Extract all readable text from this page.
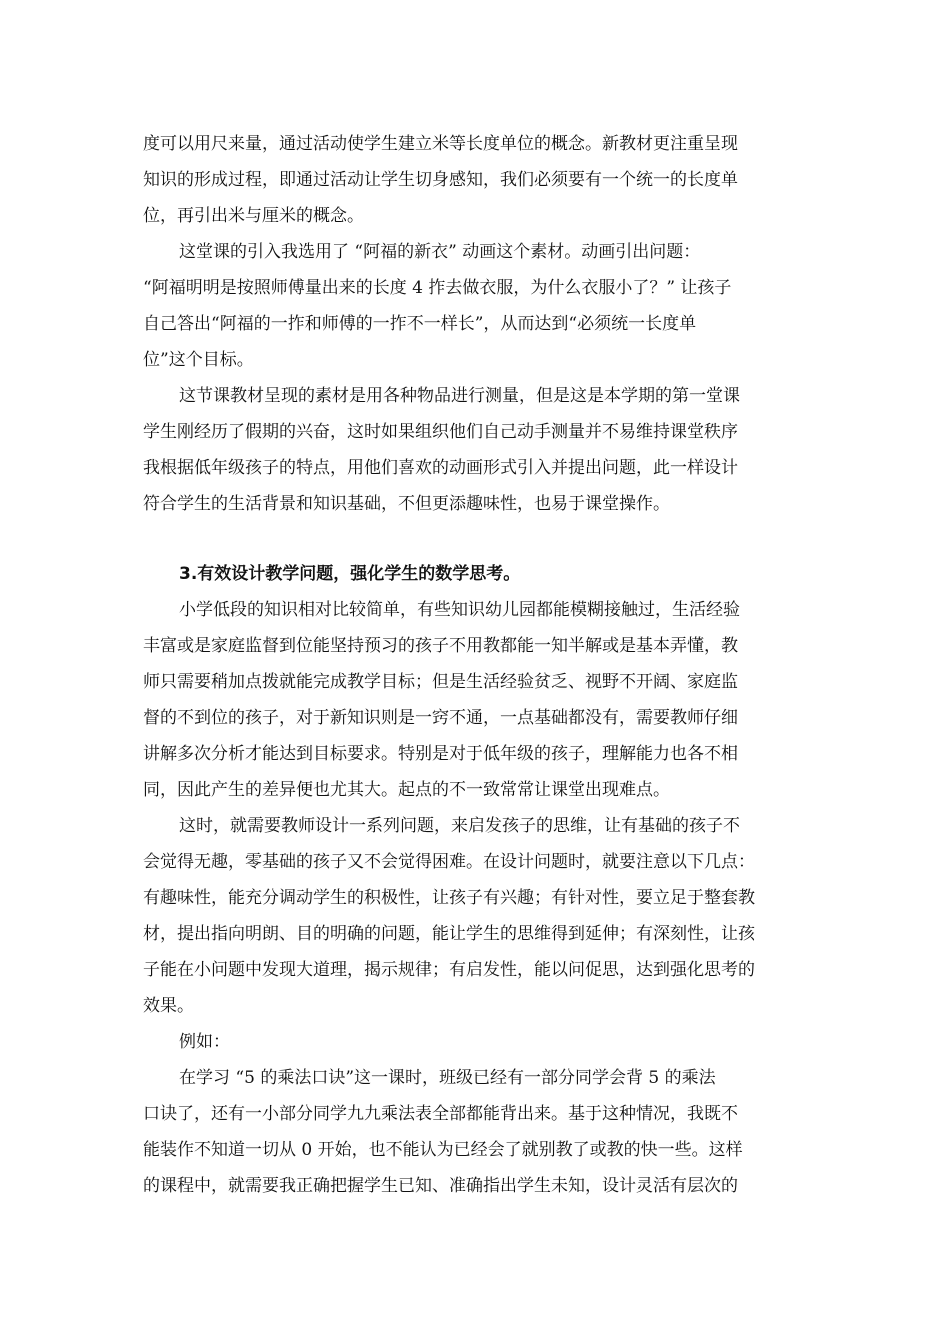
度可以用尺来量，通过活动使学生建立米等长度单位的概念。新教材更注重呈现
知识的形成过程，即通过活动让学生切身感知，我们必须要有一个统一的长度单
位，再引出米与厘米的概念。
这堂课的引入我选用了 “阿福的新衣” 动画这个素材。动画引出问题：
“阿福明明是按照师傅量出来的长度 4 拃去做衣服，为什么衣服小了？” 让孩子
自己答出“阿福的一拃和师傅的一拃不一样长”，从而达到“必须统一长度单
位”这个目标。
这节课教材呈现的素材是用各种物品进行测量，但是这是本学期的第一堂课
学生刚经历了假期的兴奋，这时如果组织他们自己动手测量并不易维持课堂秩序
我根据低年级孩子的特点，用他们喜欢的动画形式引入并提出问题，此一样设计
符合学生的生活背景和知识基础，不但更添趣味性，也易于课堂操作。
3.有效设计教学问题，强化学生的数学思考。
小学低段的知识相对比较简单，有些知识幼儿园都能模糊接触过，生活经验
丰富或是家庭监督到位能坚持预习的孩子不用教都能一知半解或是基本弄懂，教
师只需要稍加点拨就能完成教学目标；但是生活经验贫乏、视野不开阔、家庭监
督的不到位的孩子，对于新知识则是一窍不通，一点基础都没有，需要教师仔细
讲解多次分析才能达到目标要求。特别是对于低年级的孩子，理解能力也各不相
同，因此产生的差异便也尤其大。起点的不一致常常让课堂出现难点。
这时，就需要教师设计一系列问题，来启发孩子的思维，让有基础的孩子不
会觉得无趣，零基础的孩子又不会觉得困难。在设计问题时，就要注意以下几点：
有趣味性，能充分调动学生的积极性，让孩子有兴趣；有针对性，要立足于整套教
材，提出指向明朗、目的明确的问题，能让学生的思维得到延伸；有深刻性，让孩
子能在小问题中发现大道理，揭示规律；有启发性，能以问促思，达到强化思考的
效果。
例如：
在学习 “5 的乘法口诀”这一课时，班级已经有一部分同学会背 5 的乘法
口诀了，还有一小部分同学九九乘法表全部都能背出来。基于这种情况，我既不
能装作不知道一切从 0 开始，也不能认为已经会了就别教了或教的快一些。这样
的课程中，就需要我正确把握学生已知、准确指出学生未知，设计灵活有层次的
